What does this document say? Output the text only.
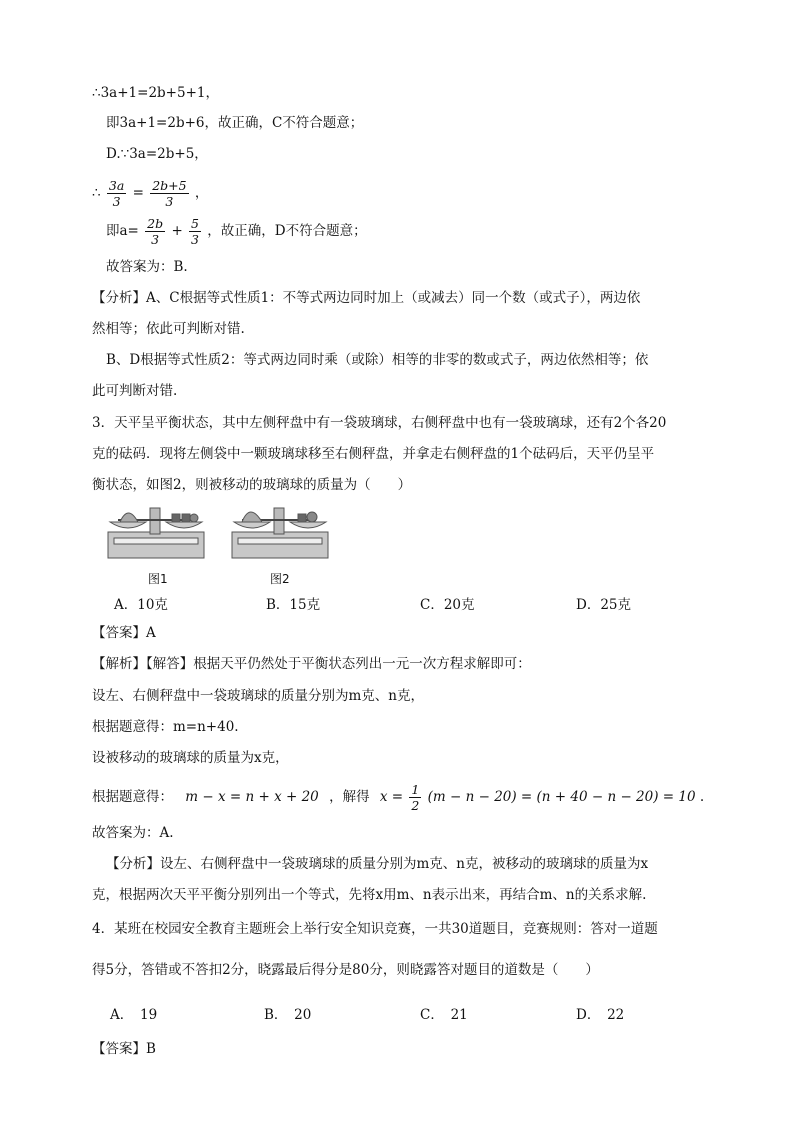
∴3a+1=2b+5+1，
即3a+1=2b+6，故正确，C不符合题意；
D.∵3a=2b+5，
∴ $\frac{3a}{3} = \frac{2b+5}{3}$ ，
即$a= \frac{2b}{3} + \frac{5}{3}$ ，故正确，D不符合题意；
故答案为：B.
【分析】A、C根据等式性质1：不等式两边同时加上（或减去）同一个数（或式子），两边依
然相等；依此可判断对错.
B、D根据等式性质2：等式两边同时乘（或除）相等的非零的数或式子，两边依然相等；依
此可判断对错.
3．天平呈平衡状态，其中左侧秤盘中有一袋玻璃球，右侧秤盘中也有一袋玻璃球，还有2个各20
克的砝码．现将左侧袋中一颗玻璃球移至右侧秤盘，并拿走右侧秤盘的1个砝码后，天平仍呈平
衡状态，如图2，则被移动的玻璃球的质量为（　　）
图1	图2
A．10克	B．15克	C．20克	D．25克
【答案】A
【解析】【解答】根据天平仍然处于平衡状态列出一元一次方程求解即可：
设左、右侧秤盘中一袋玻璃球的质量分别为m克、n克，
根据题意得：m=n+40.
设被移动的玻璃球的质量为x克，
根据题意得： m − x = n + x + 20 ，解得 $x = \frac{1}{2} (m - n - 20) = (n + 40 - n - 20) = 10$ .
故答案为：A.
【分析】设左、右侧秤盘中一袋玻璃球的质量分别为m克、n克，被移动的玻璃球的质量为x
克，根据两次天平平衡分别列出一个等式，先将x用m、n表示出来，再结合m、n的关系求解.
4．某班在校园安全教育主题班会上举行安全知识竞赛，一共30道题目，竞赛规则：答对一道题
得5分，答错或不答扣2分，晓露最后得分是80分，则晓露答对题目的道数是（　　）
A．　19	B．　20	C．　21	D．　22
【答案】B
